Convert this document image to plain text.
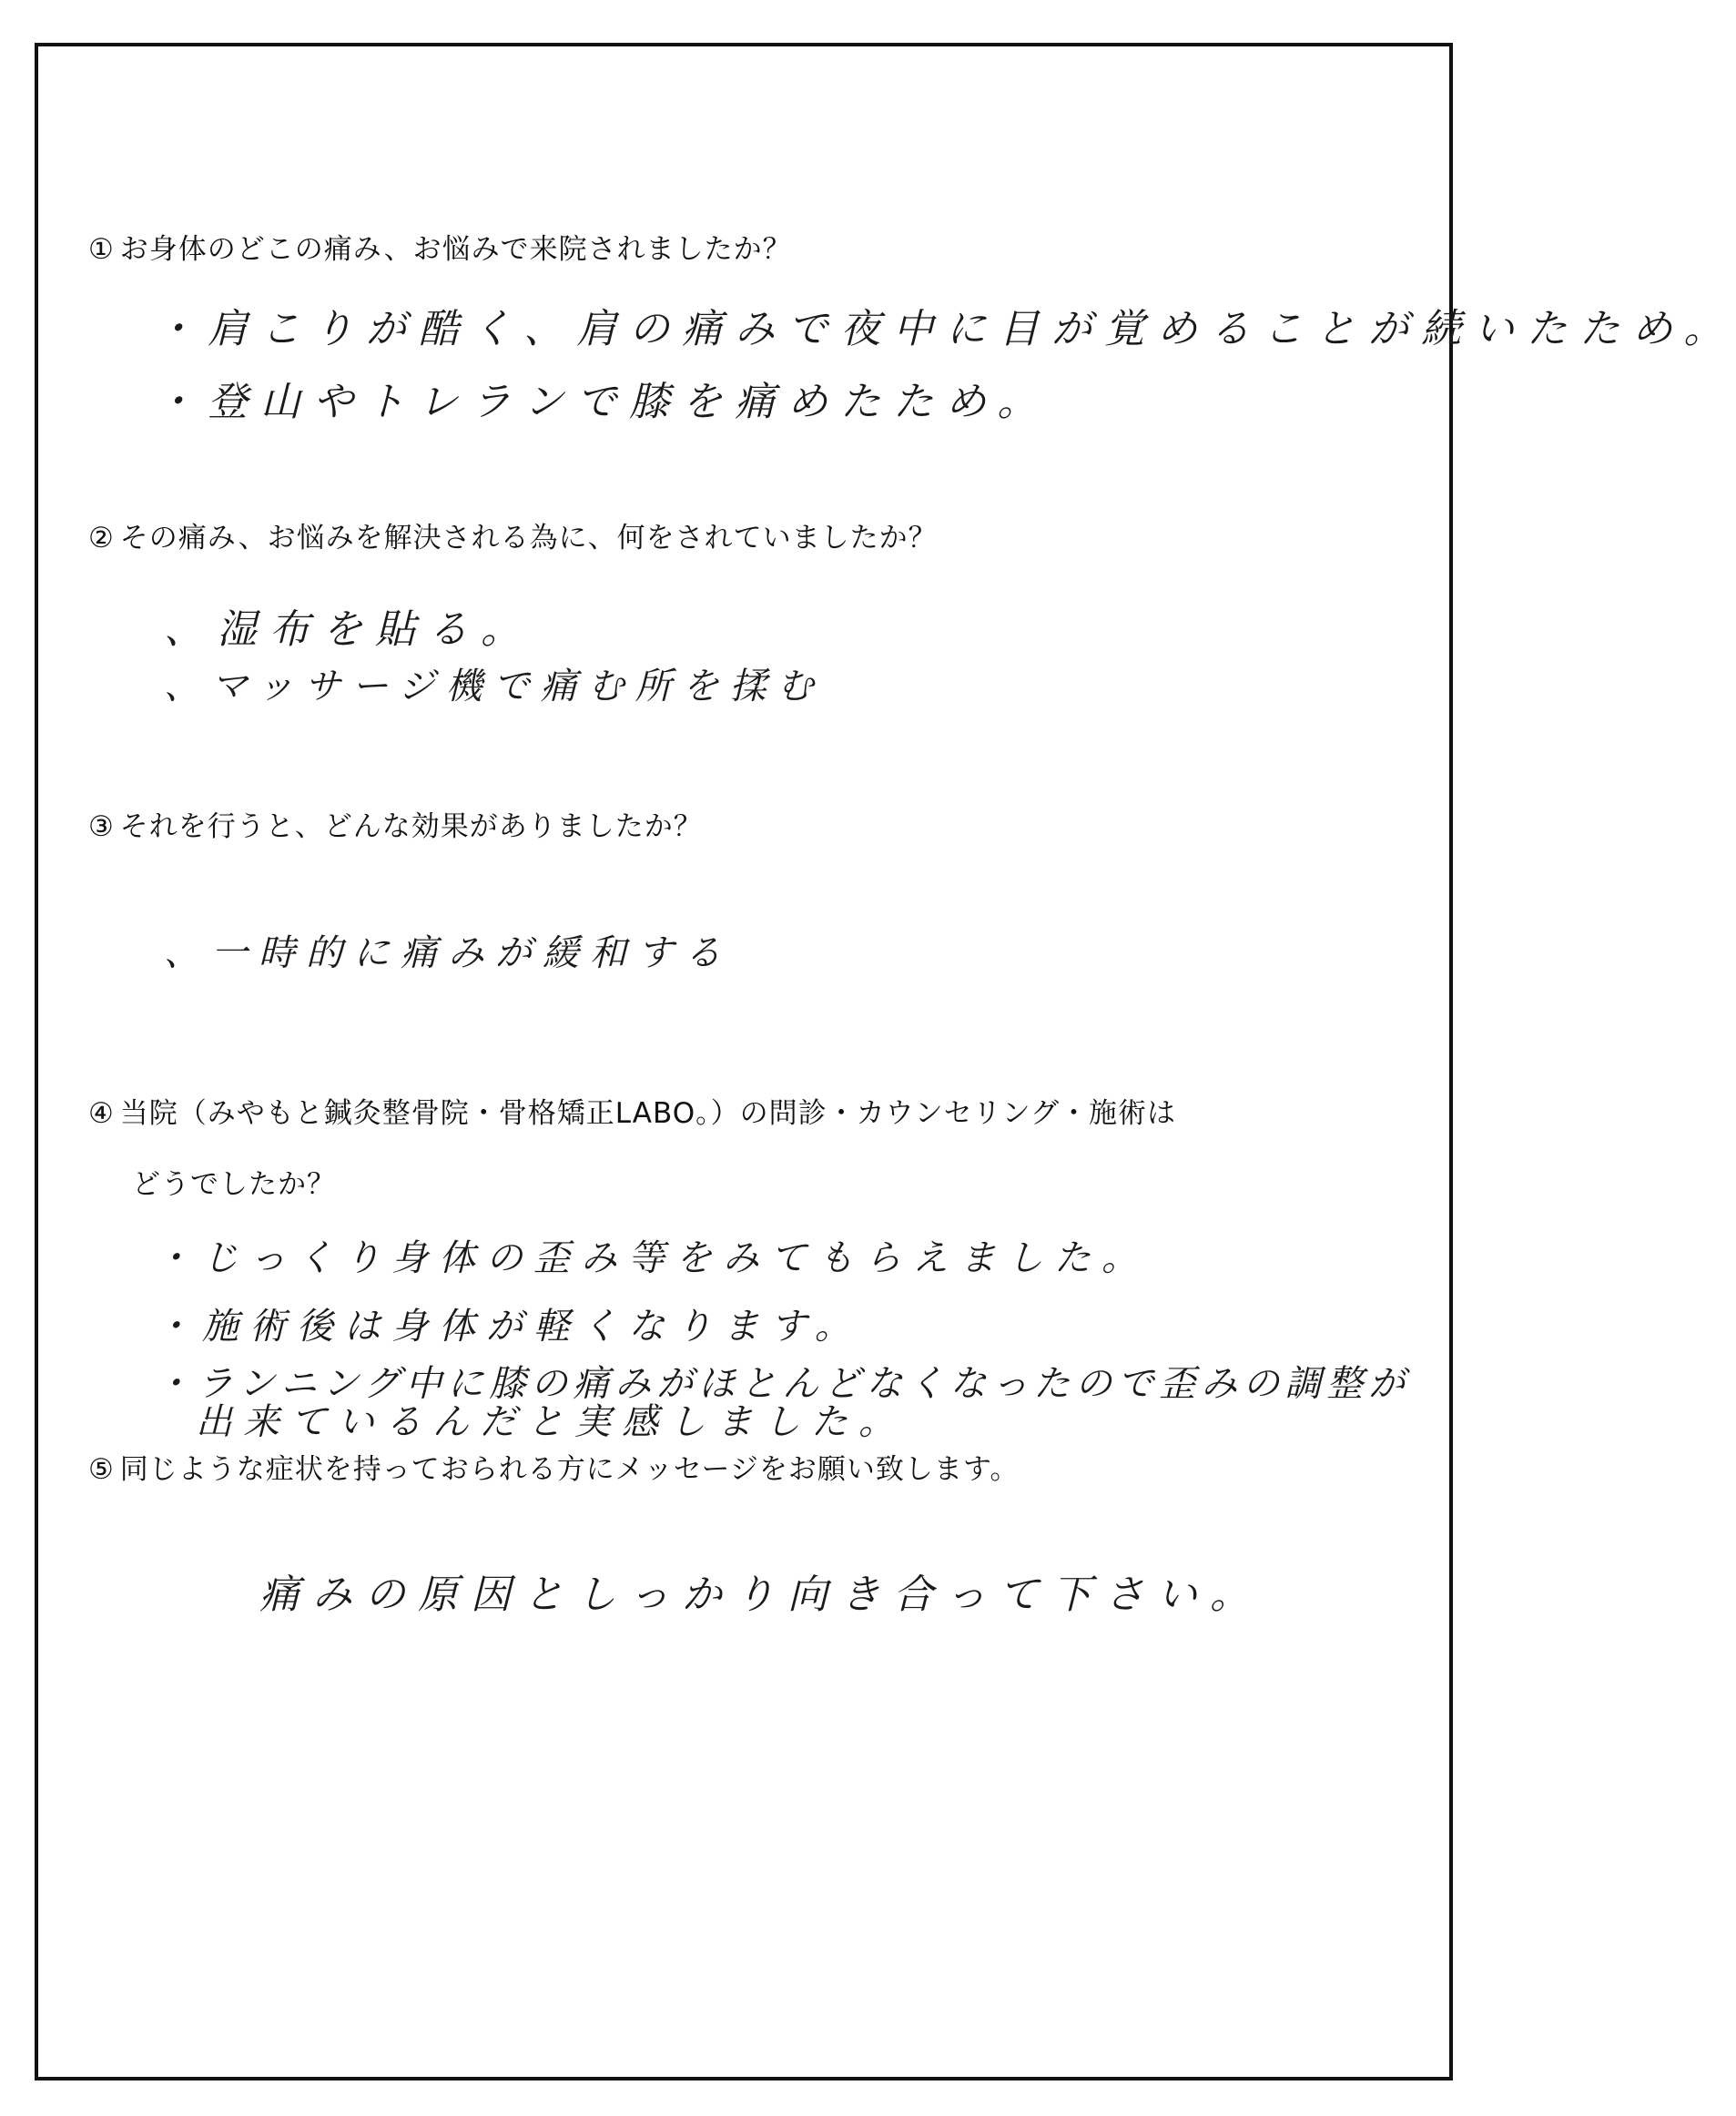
① お身体のどこの痛み、お悩みで来院されましたか？
・肩こりが酷く、肩の痛みで夜中に目が覚めることが続いたため。
・登山やトレランで膝を痛めたため。
② その痛み、お悩みを解決される為に、何をされていましたか？
、湿布を貼る。
、マッサージ機で痛む所を揉む
③ それを行うと、どんな効果がありましたか？
、一時的に痛みが緩和する
④ 当院（みやもと鍼灸整骨院・骨格矯正LABO。）の問診・カウンセリング・施術は
どうでしたか？
・じっくり身体の歪み等をみてもらえました。
・施術後は身体が軽くなります。
・ランニング中に膝の痛みがほとんどなくなったので歪みの調整が
出来ているんだと実感しました。
⑤ 同じような症状を持っておられる方にメッセージをお願い致します。
痛みの原因としっかり向き合って下さい。
